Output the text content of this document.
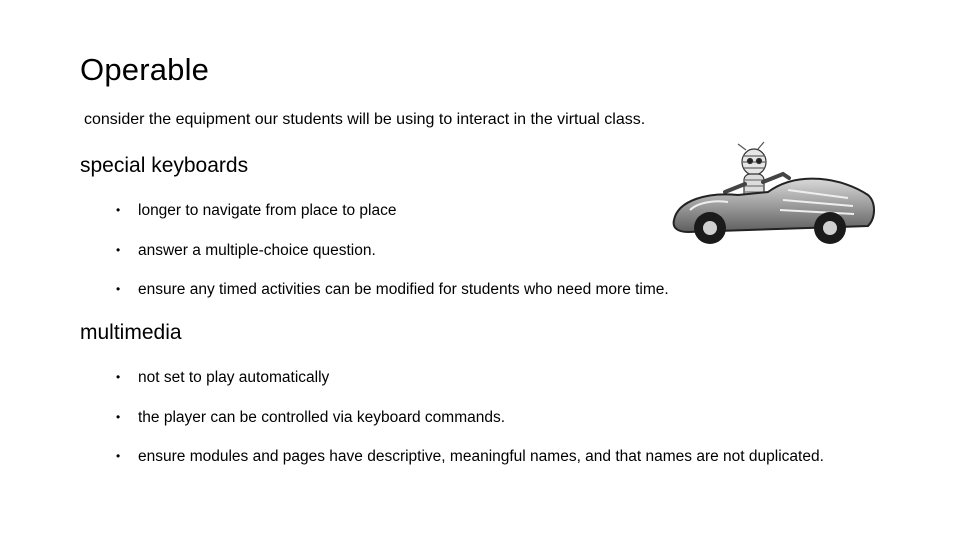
Operable
consider the equipment our students will be using to interact in the virtual class.
special keyboards
• longer to navigate from place to place
• answer a multiple-choice question.
• ensure any timed activities can be modified for students who need more time.
multimedia
• not set to play automatically
• the player can be controlled via keyboard commands.
• ensure modules and pages have descriptive, meaningful names, and that names are not duplicated.
